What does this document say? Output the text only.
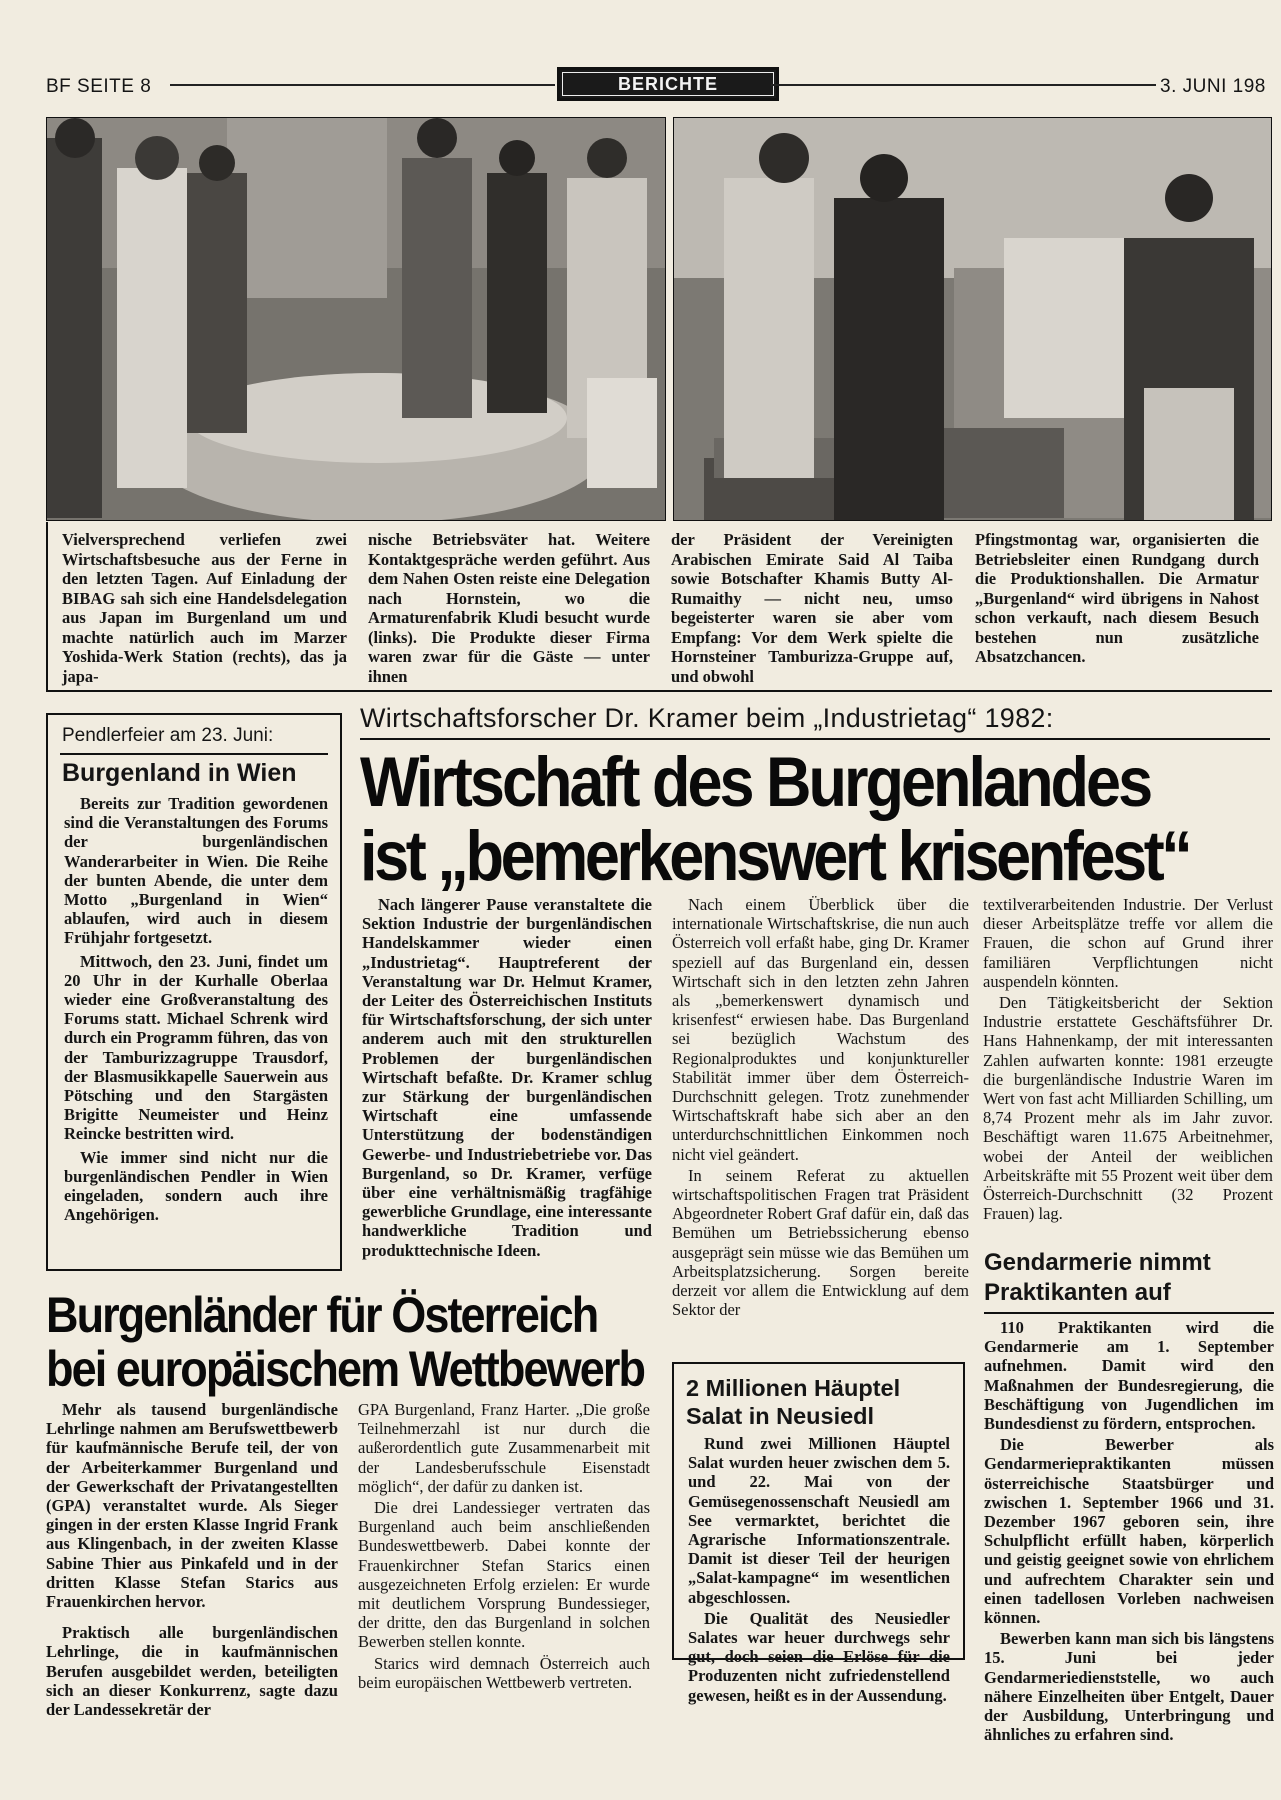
BF SEITE 8	BERICHTE	3. JUNI 198
Vielversprechend verliefen zwei Wirtschaftsbesuche aus der Ferne in den letzten Tagen. Auf Einladung der BIBAG sah sich eine Handelsdelegation aus Japan im Burgenland um und machte natürlich auch im Marzer Yoshida-Werk Station (rechts), das ja japa-
nische Betriebsväter hat. Weitere Kontaktgespräche werden geführt. Aus dem Nahen Osten reiste eine Delegation nach Hornstein, wo die Armaturenfabrik Kludi besucht wurde (links). Die Produkte dieser Firma waren zwar für die Gäste — unter ihnen
der Präsident der Vereinigten Arabischen Emirate Said Al Taiba sowie Botschafter Khamis Butty Al-Rumaithy — nicht neu, umso begeisterter waren sie aber vom Empfang: Vor dem Werk spielte die Hornsteiner Tamburizza-Gruppe auf, und obwohl
Pfingstmontag war, organisierten die Betriebsleiter einen Rundgang durch die Produktionshallen. Die Armatur „Burgenland“ wird übrigens in Nahost schon verkauft, nach diesem Besuch bestehen nun zusätzliche Absatzchancen.
Pendlerfeier am 23. Juni:
Burgenland in Wien

Bereits zur Tradition gewordenen sind die Veranstaltungen des Forums der burgenländischen Wanderarbeiter in Wien. Die Reihe der bunten Abende, die unter dem Motto „Burgenland in Wien“ ablaufen, wird auch in diesem Frühjahr fortgesetzt.

Mittwoch, den 23. Juni, findet um 20 Uhr in der Kurhalle Oberlaa wieder eine Großveranstaltung des Forums statt. Michael Schrenk wird durch ein Programm führen, das von der Tamburizzagruppe Trausdorf, der Blasmusikkapelle Sauerwein aus Pötsching und den Stargästen Brigitte Neumeister und Heinz Reincke bestritten wird.

Wie immer sind nicht nur die burgenländischen Pendler in Wien eingeladen, sondern auch ihre Angehörigen.

Wirtschaftsforscher Dr. Kramer beim „Industrietag“ 1982:
Wirtschaft des Burgenlandes
ist „bemerkenswert krisenfest“

Nach längerer Pause veranstaltete die Sektion Industrie der burgenländischen Handelskammer wieder einen „Industrietag“. Hauptreferent der Veranstaltung war Dr. Helmut Kramer, der Leiter des Österreichischen Instituts für Wirtschaftsforschung, der sich unter anderem auch mit den strukturellen Problemen der burgenländischen Wirtschaft befaßte. Dr. Kramer schlug zur Stärkung der burgenländischen Wirtschaft eine umfassende Unterstützung der bodenständigen Gewerbe- und Industriebetriebe vor. Das Burgenland, so Dr. Kramer, verfüge über eine verhältnismäßig tragfähige gewerbliche Grundlage, eine interessante handwerkliche Tradition und produkttechnische Ideen.

Nach einem Überblick über die internationale Wirtschaftskrise, die nun auch Österreich voll erfaßt habe, ging Dr. Kramer speziell auf das Burgenland ein, dessen Wirtschaft sich in den letzten zehn Jahren als „bemerkenswert dynamisch und krisenfest“ erwiesen habe. Das Burgenland sei bezüglich Wachstum des Regionalproduktes und konjunktureller Stabilität immer über dem Österreich-Durchschnitt gelegen. Trotz zunehmender Wirtschaftskraft habe sich aber an den unterdurchschnittlichen Einkommen noch nicht viel geändert.

In seinem Referat zu aktuellen wirtschaftspolitischen Fragen trat Präsident Abgeordneter Robert Graf dafür ein, daß das Bemühen um Betriebssicherung ebenso ausgeprägt sein müsse wie das Bemühen um Arbeitsplatzsicherung. Sorgen bereite derzeit vor allem die Entwicklung auf dem Sektor der

textilverarbeitenden Industrie. Der Verlust dieser Arbeitsplätze treffe vor allem die Frauen, die schon auf Grund ihrer familiären Verpflichtungen nicht auspendeln könnten.

Den Tätigkeitsbericht der Sektion Industrie erstattete Geschäftsführer Dr. Hans Hahnenkamp, der mit interessanten Zahlen aufwarten konnte: 1981 erzeugte die burgenländische Industrie Waren im Wert von fast acht Milliarden Schilling, um 8,74 Prozent mehr als im Jahr zuvor. Beschäftigt waren 11.675 Arbeitnehmer, wobei der Anteil der weiblichen Arbeitskräfte mit 55 Prozent weit über dem Österreich-Durchschnitt (32 Prozent Frauen) lag.

Gendarmerie nimmt
Praktikanten auf

110 Praktikanten wird die Gendarmerie am 1. September aufnehmen. Damit wird den Maßnahmen der Bundesregierung, die Beschäftigung von Jugendlichen im Bundesdienst zu fördern, entsprochen.

Die Bewerber als Gendarmeriepraktikanten müssen österreichische Staatsbürger und zwischen 1. September 1966 und 31. Dezember 1967 geboren sein, ihre Schulpflicht erfüllt haben, körperlich und geistig geeignet sowie von ehrlichem und aufrechtem Charakter sein und einen tadellosen Vorleben nachweisen können.

Bewerben kann man sich bis längstens 15. Juni bei jeder Gendarmeriedienststelle, wo auch nähere Einzelheiten über Entgelt, Dauer der Ausbildung, Unterbringung und ähnliches zu erfahren sind.

2 Millionen Häuptel
Salat in Neusiedl

Rund zwei Millionen Häuptel Salat wurden heuer zwischen dem 5. und 22. Mai von der Gemüsegenossenschaft Neusiedl am See vermarktet, berichtet die Agrarische Informationszentrale. Damit ist dieser Teil der heurigen „Salat-kampagne“ im wesentlichen abgeschlossen.

Die Qualität des Neusiedler Salates war heuer durchwegs sehr gut, doch seien die Erlöse für die Produzenten nicht zufriedenstellend gewesen, heißt es in der Aussendung.

Burgenländer für Österreich
bei europäischem Wettbewerb

Mehr als tausend burgenländische Lehrlinge nahmen am Berufswettbewerb für kaufmännische Berufe teil, der von der Arbeiterkammer Burgenland und der Gewerkschaft der Privatangestellten (GPA) veranstaltet wurde. Als Sieger gingen in der ersten Klasse Ingrid Frank aus Klingenbach, in der zweiten Klasse Sabine Thier aus Pinkafeld und in der dritten Klasse Stefan Starics aus Frauenkirchen hervor.

Praktisch alle burgenländischen Lehrlinge, die in kaufmännischen Berufen ausgebildet werden, beteiligten sich an dieser Konkurrenz, sagte dazu der Landessekretär der

GPA Burgenland, Franz Harter. „Die große Teilnehmerzahl ist nur durch die außerordentlich gute Zusammenarbeit mit der Landesberufsschule Eisenstadt möglich“, der dafür zu danken ist.

Die drei Landessieger vertraten das Burgenland auch beim anschließenden Bundeswettbewerb. Dabei konnte der Frauenkirchner Stefan Starics einen ausgezeichneten Erfolg erzielen: Er wurde mit deutlichem Vorsprung Bundessieger, der dritte, den das Burgenland in solchen Bewerben stellen konnte.

Starics wird demnach Österreich auch beim europäischen Wettbewerb vertreten.
